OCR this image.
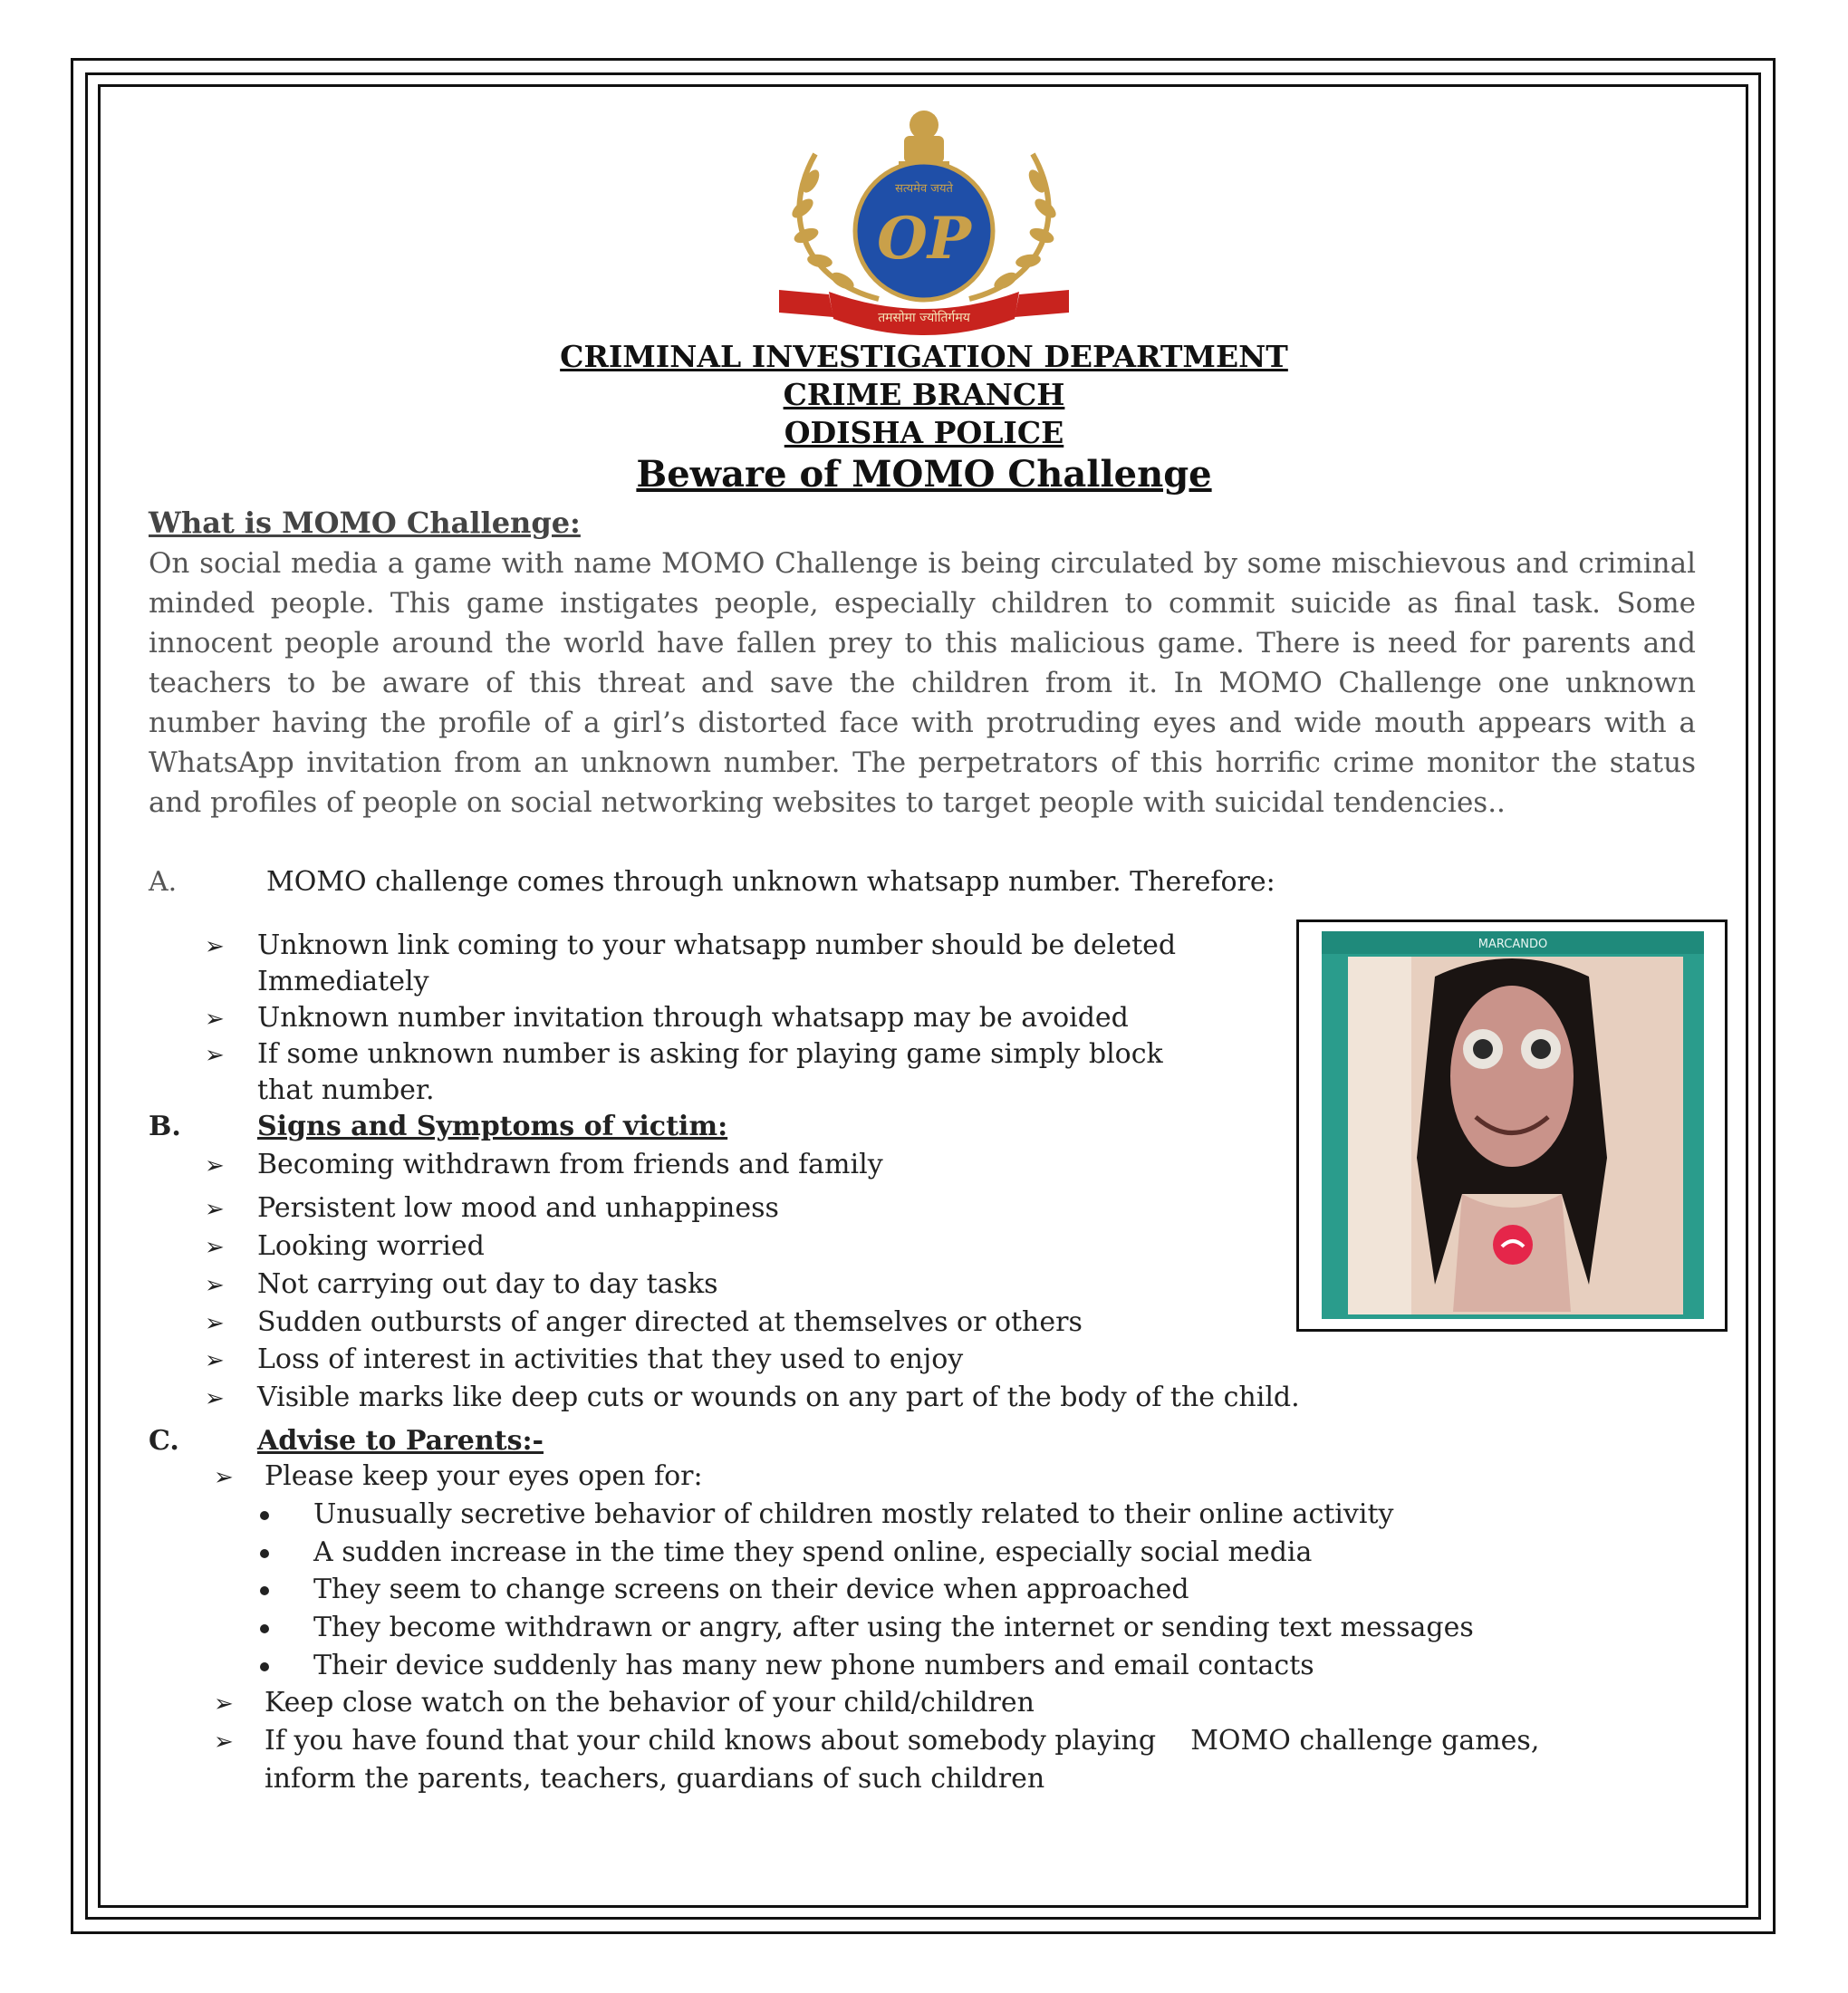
सत्यमेव जयते
OP
तमसोमा ज्योतिर्गमय
CRIMINAL INVESTIGATION DEPARTMENT
CRIME BRANCH
ODISHA POLICE
Beware of MOMO Challenge
What is MOMO Challenge:
On social media a game with name MOMO Challenge is being circulated by some mischievous and criminal minded people. This game instigates people, especially children to commit suicide as final task. Some innocent people around the world have fallen prey to this malicious game. There is need for parents and teachers to be aware of this threat and save the children from it. In MOMO Challenge one unknown number having the profile of a girl’s distorted face with protruding eyes and wide mouth appears with a WhatsApp invitation from an unknown number. The perpetrators of this horrific crime monitor the status and profiles of people on social networking websites to target people with suicidal tendencies..
A.	MOMO challenge comes through unknown whatsapp number. Therefore:
➢ Unknown link coming to your whatsapp number should be deleted
Immediately
➢ Unknown number invitation through whatsapp may be avoided
➢ If some unknown number is asking for playing game simply block
that number.
B.	Signs and Symptoms of victim:
➢ Becoming withdrawn from friends and family
➢ Persistent low mood and unhappiness
➢ Looking worried
➢ Not carrying out day to day tasks
➢ Sudden outbursts of anger directed at themselves or others
➢ Loss of interest in activities that they used to enjoy
➢ Visible marks like deep cuts or wounds on any part of the body of the child.
C.	Advise to Parents:-
➢ Please keep your eyes open for:
Unusually secretive behavior of children mostly related to their online activity
A sudden increase in the time they spend online, especially social media
They seem to change screens on their device when approached
They become withdrawn or angry, after using the internet or sending text messages
Their device suddenly has many new phone numbers and email contacts
➢ Keep close watch on the behavior of your child/children
➢ If you have found that your child knows about somebody playing    MOMO challenge games,
inform the parents, teachers, guardians of such children
MARCANDO
